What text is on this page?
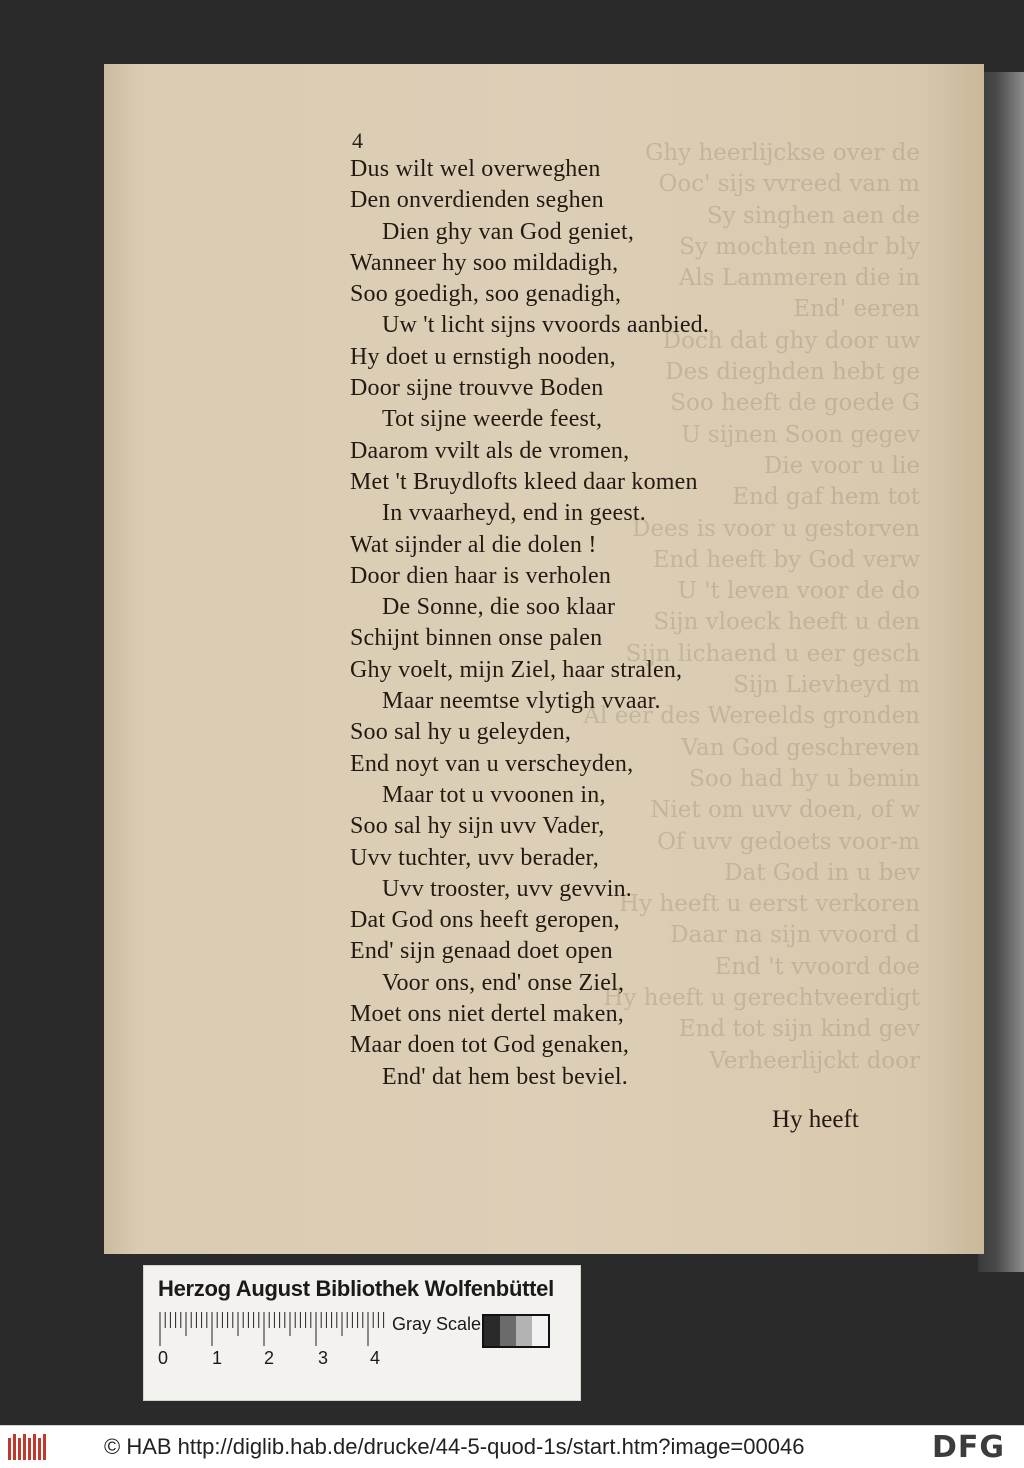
Ghy heerlijckse over de
Ooc' sijs vvreed van m
Sy singhen aen de
Sy mochten nedr bly
Als Lammeren die in
End' eeren
Doch dat ghy door uw
Des dieghden hebt ge
Soo heeft de goede G
U sijnen Soon gegev
Die voor u lie
End gaf hem tot
Dees is voor u gestorven
End heeft by God verw
U 't leven voor de do
Sijn vloeck heeft u den
Sijn lichaend u eer gesch
Sijn Lievheyd m
Al eer des Wereelds gronden
Van God geschreven
Soo had hy u bemin
Niet om uvv doen, of w
Of uvv gedoets voor-m
Dat God in u bev
Hy heeft u eerst verkoren
Daar na sijn vvoord d
End 't vvoord doe
Hy heeft u gerechtveerdigt
End tot sijn kind gev
Verheerlijckt door
4
Dus wilt wel overweghen
Den onverdienden seghen
Dien ghy van God geniet,
Wanneer hy soo mildadigh,
Soo goedigh, soo genadigh,
Uw 't licht sijns vvoords aanbied.
Hy doet u ernstigh nooden,
Door sijne trouvve Boden
Tot sijne weerde feest,
Daarom vvilt als de vromen,
Met 't Bruydlofts kleed daar komen
In vvaarheyd, end in geest.
Wat sijnder al die dolen !
Door dien haar is verholen
De Sonne, die soo klaar
Schijnt binnen onse palen
Ghy voelt, mijn Ziel, haar stralen,
Maar neemtse vlytigh vvaar.
Soo sal hy u geleyden,
End noyt van u verscheyden,
Maar tot u vvoonen in,
Soo sal hy sijn uvv Vader,
Uvv tuchter, uvv berader,
Uvv trooster, uvv gevvin.
Dat God ons heeft geropen,
End' sijn genaad doet open
Voor ons, end' onse Ziel,
Moet ons niet dertel maken,
Maar doen tot God genaken,
End' dat hem best beviel.
Hy heeft
Herzog August Bibliothek Wolfenbüttel
0 1 2 3 4
Gray Scale
© HAB http://diglib.hab.de/drucke/44-5-quod-1s/start.htm?image=00046	DFG
